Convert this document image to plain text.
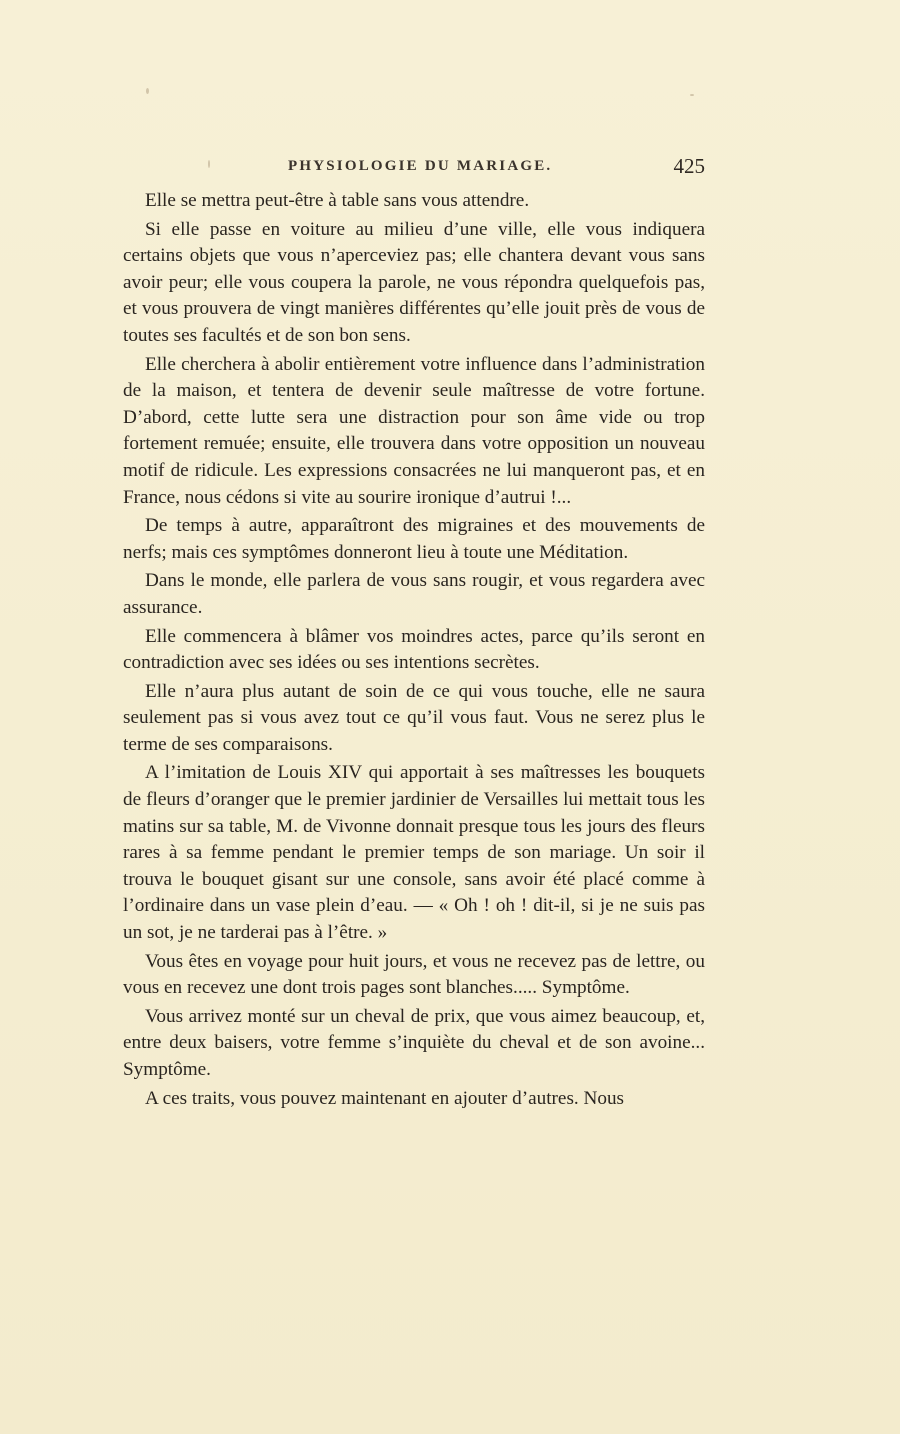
PHYSIOLOGIE DU MARIAGE.	425

Elle se mettra peut-être à table sans vous attendre.

Si elle passe en voiture au milieu d’une ville, elle vous indiquera certains objets que vous n’aperceviez pas; elle chantera devant vous sans avoir peur; elle vous coupera la parole, ne vous répondra quelquefois pas, et vous prouvera de vingt manières différentes qu’elle jouit près de vous de toutes ses facultés et de son bon sens.

Elle cherchera à abolir entièrement votre influence dans l’administration de la maison, et tentera de devenir seule maîtresse de votre fortune. D’abord, cette lutte sera une distraction pour son âme vide ou trop fortement remuée; ensuite, elle trouvera dans votre opposition un nouveau motif de ridicule. Les expressions consacrées ne lui manqueront pas, et en France, nous cédons si vite au sourire ironique d’autrui !...

De temps à autre, apparaîtront des migraines et des mouvements de nerfs; mais ces symptômes donneront lieu à toute une Méditation.

Dans le monde, elle parlera de vous sans rougir, et vous regardera avec assurance.

Elle commencera à blâmer vos moindres actes, parce qu’ils seront en contradiction avec ses idées ou ses intentions secrètes.

Elle n’aura plus autant de soin de ce qui vous touche, elle ne saura seulement pas si vous avez tout ce qu’il vous faut. Vous ne serez plus le terme de ses comparaisons.

A l’imitation de Louis XIV qui apportait à ses maîtresses les bouquets de fleurs d’oranger que le premier jardinier de Versailles lui mettait tous les matins sur sa table, M. de Vivonne donnait presque tous les jours des fleurs rares à sa femme pendant le premier temps de son mariage. Un soir il trouva le bouquet gisant sur une console, sans avoir été placé comme à l’ordinaire dans un vase plein d’eau. — « Oh ! oh ! dit-il, si je ne suis pas un sot, je ne tarderai pas à l’être. »

Vous êtes en voyage pour huit jours, et vous ne recevez pas de lettre, ou vous en recevez une dont trois pages sont blanches..... Symptôme.

Vous arrivez monté sur un cheval de prix, que vous aimez beaucoup, et, entre deux baisers, votre femme s’inquiète du cheval et de son avoine... Symptôme.

A ces traits, vous pouvez maintenant en ajouter d’autres. Nous
